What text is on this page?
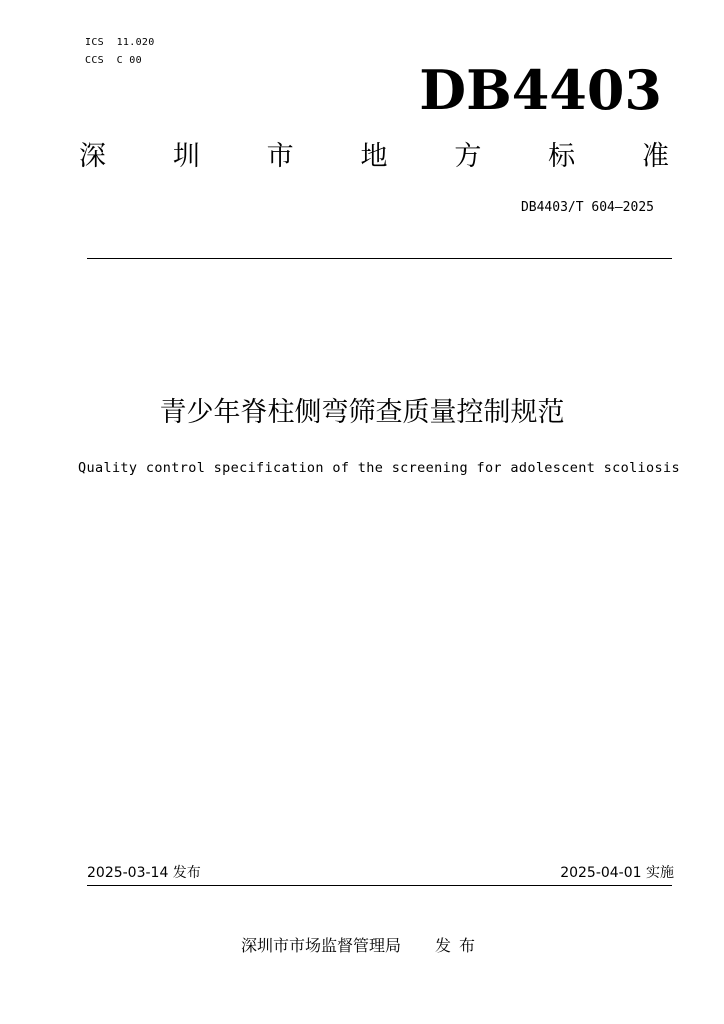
ICS  11.020
CCS  C 00	DB4403
深 圳 市 地 方 标 准
DB4403/T 604—2025
青少年脊柱侧弯筛查质量控制规范
Quality control specification of the screening for adolescent scoliosis
2025-03-14 发布	2025-04-01 实施
深圳市市场监督管理局 发布
